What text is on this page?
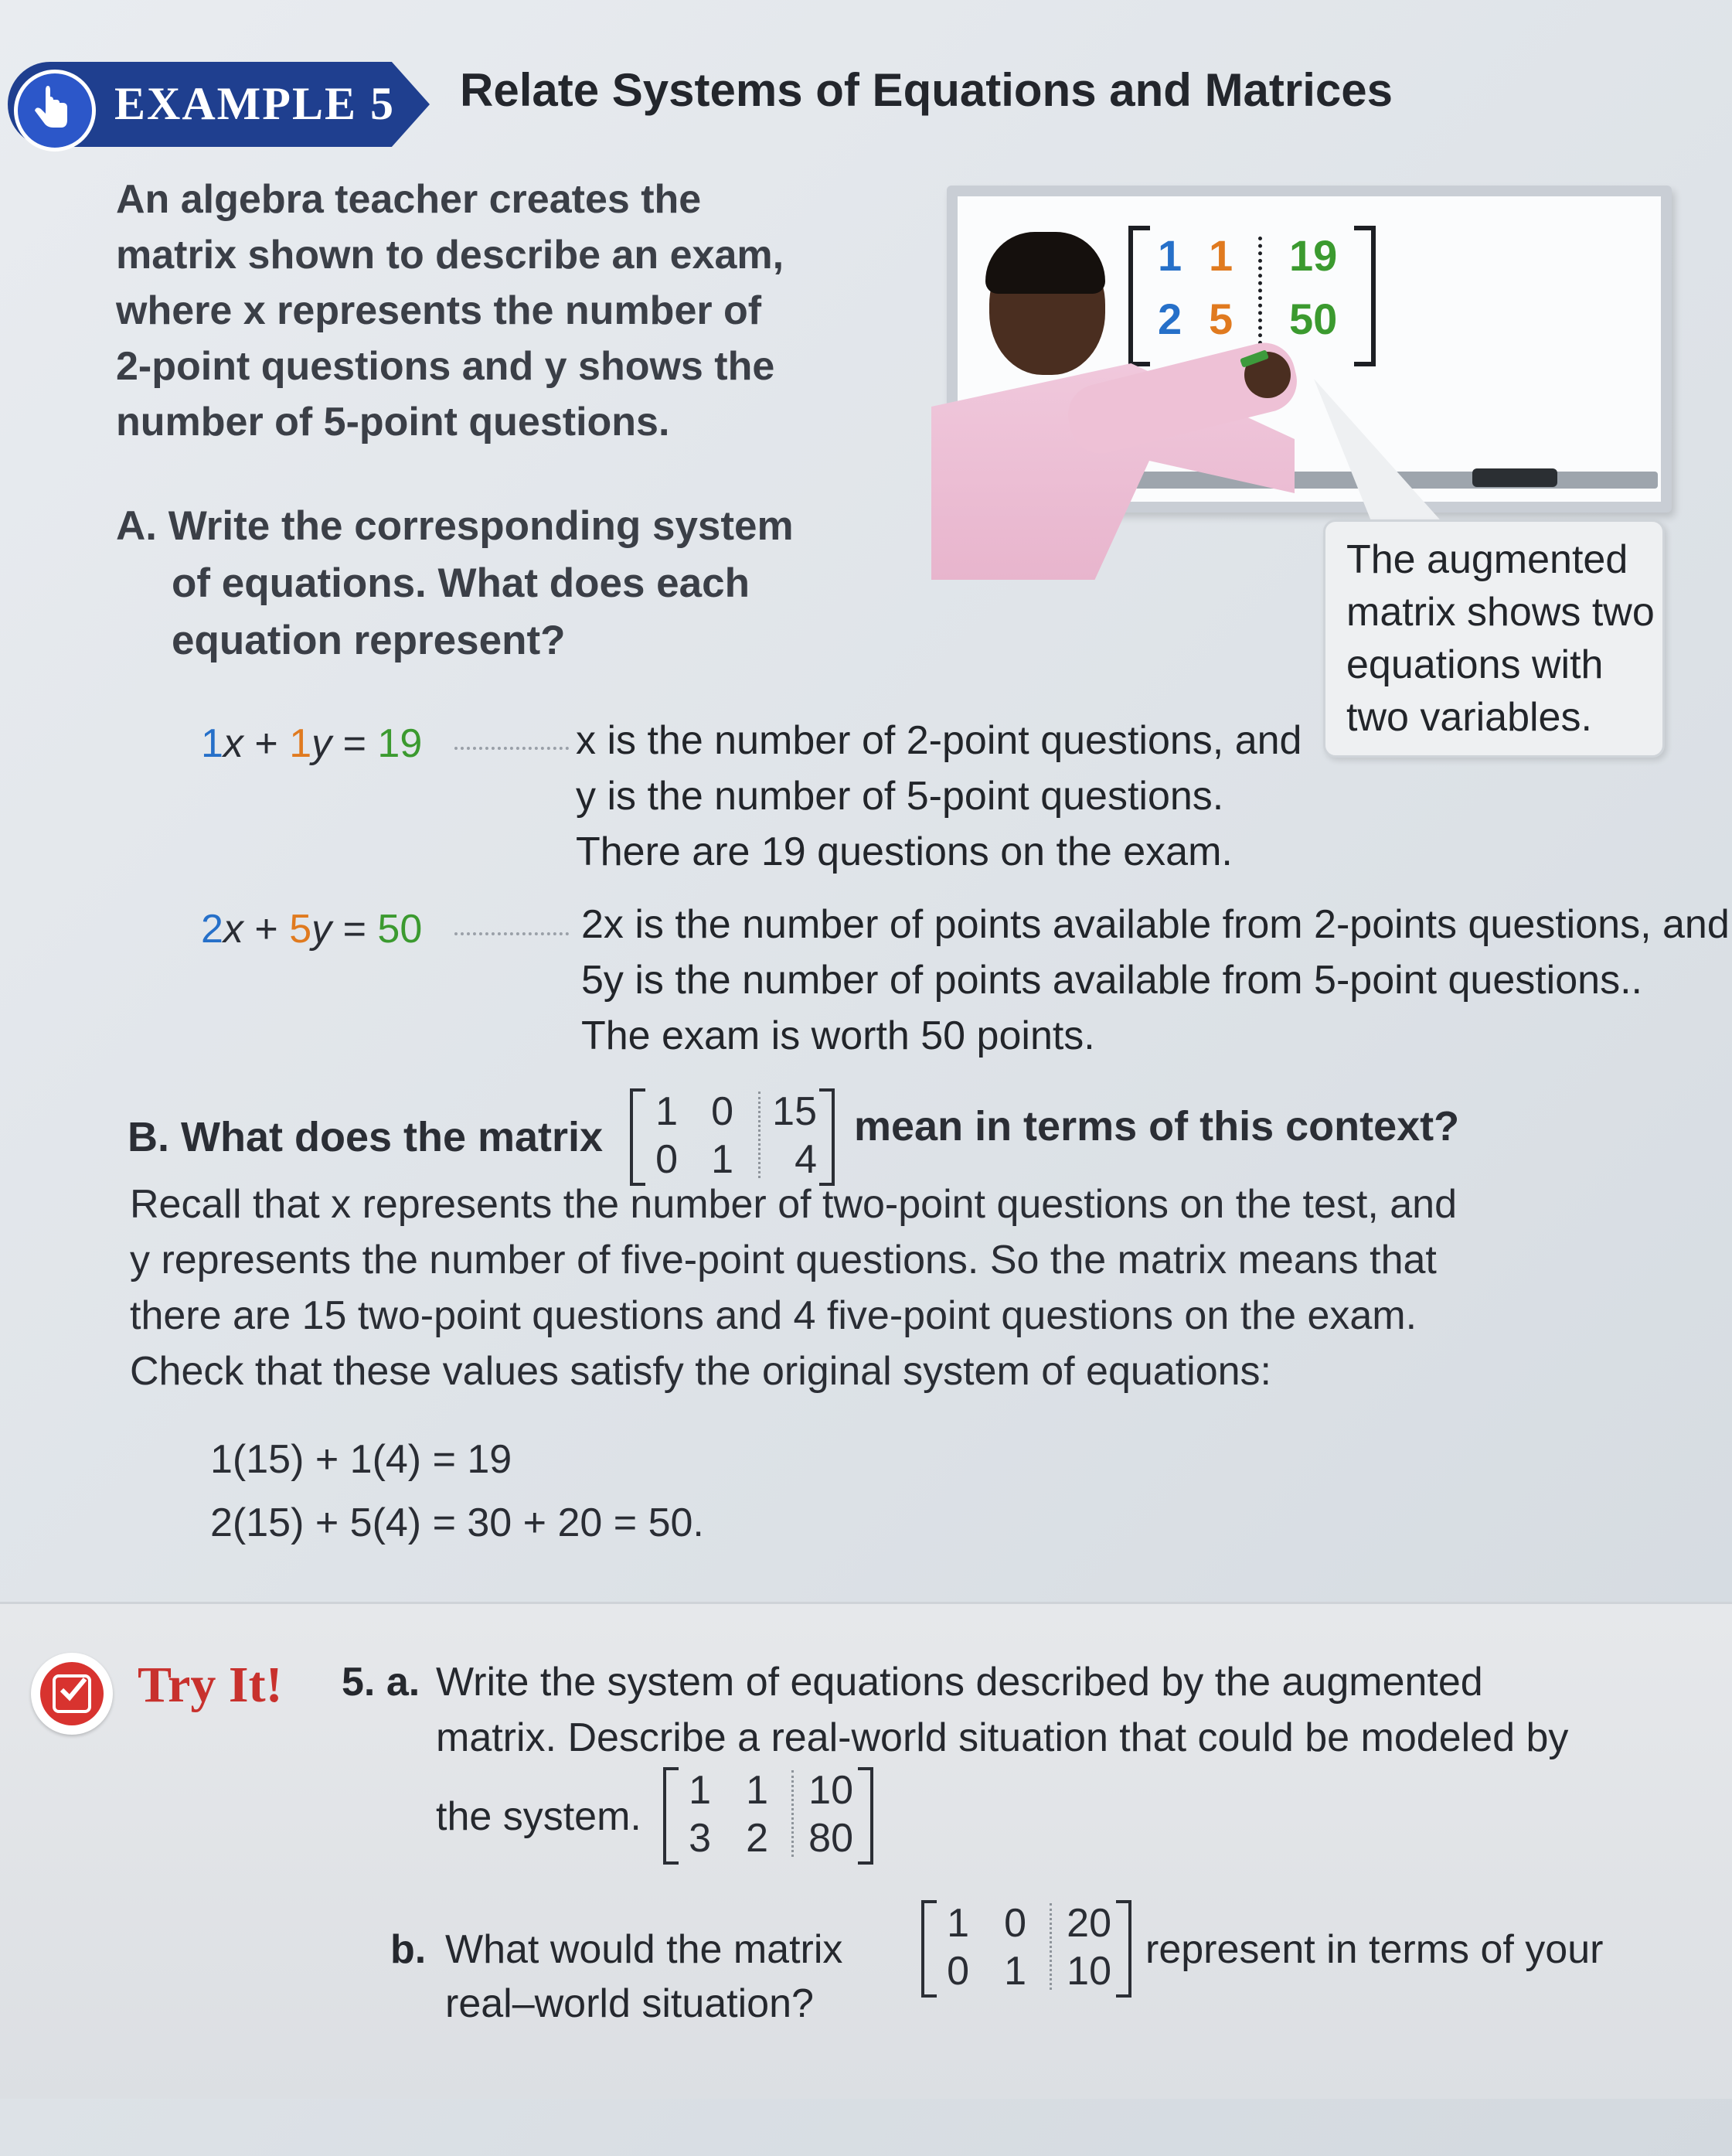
EXAMPLE 5 Relate Systems of Equations and Matrices

An algebra teacher creates the

matrix shown to describe an exam,

where x represents the number of

2-point questions and y shows the

number of 5-point questions.

A. Write the corresponding system
of equations. What does each
equation represent?
1 1 19
2 5 50
The augmented
matrix shows two
equations with
two variables.
1x + 1y = 19	x is the number of 2-point questions, and
y is the number of 5-point questions.
There are 19 questions on the exam.
2x + 5y = 50	2x is the number of points available from 2-points questions, and
5y is the number of points available from 5-point questions..
The exam is worth 50 points.
B. What does the matrix
1 0 15
0 1	4
mean in terms of this context?
Recall that x represents the number of two-point questions on the test, and
y represents the number of five-point questions. So the matrix means that
there are 15 two-point questions and 4 five-point questions on the exam.
Check that these values satisfy the original system of equations:
1(15) + 1(4) = 19
2(15) + 5(4) = 30 + 20 = 50.
Try It! 5. a. Write the system of equations described by the augmented
matrix. Describe a real-world situation that could be modeled by
the system.
1 1 10
3 2 80
b. What would the matrix
1 0 20
0 1 10 represent in terms of your
real–world situation?
